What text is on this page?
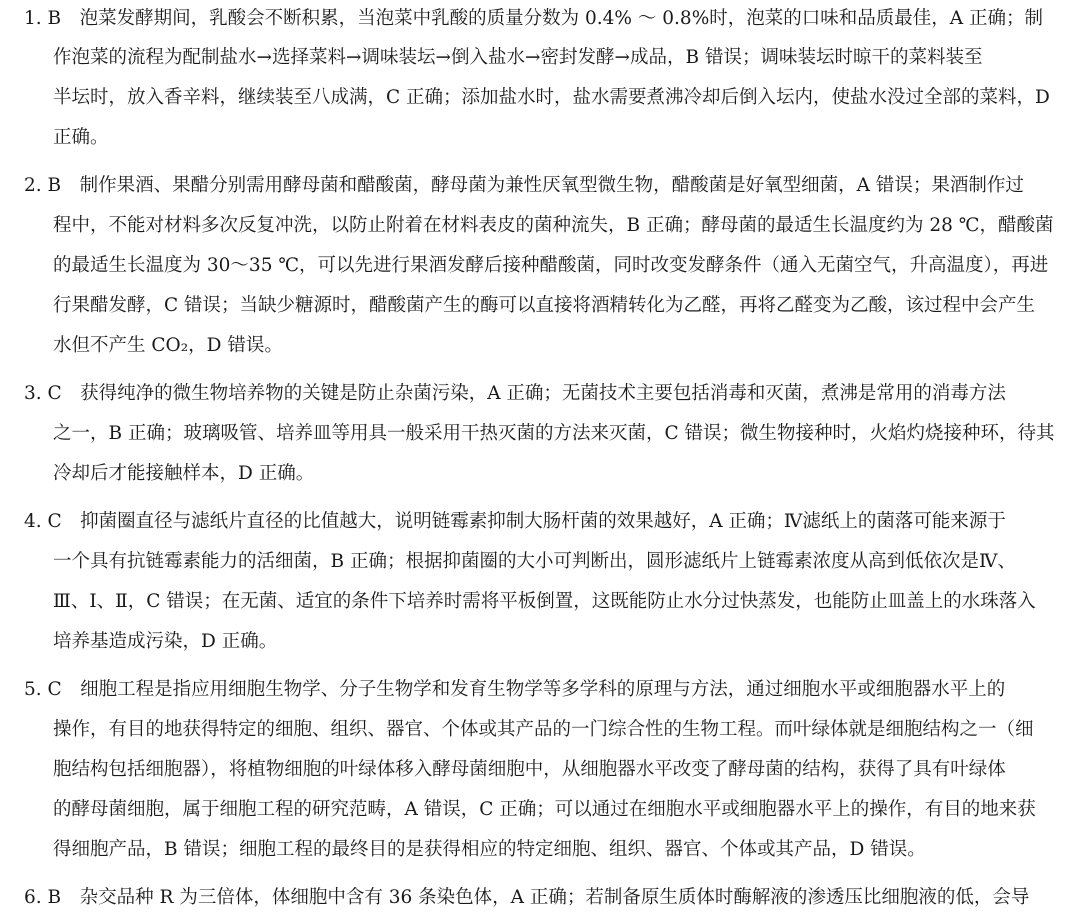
1. B　泡菜发酵期间，乳酸会不断积累，当泡菜中乳酸的质量分数为 0.4% ～ 0.8%时，泡菜的口味和品质最佳，A 正确；制
作泡菜的流程为配制盐水→选择菜料→调味装坛→倒入盐水→密封发酵→成品，B 错误；调味装坛时晾干的菜料装至
半坛时，放入香辛料，继续装至八成满，C 正确；添加盐水时，盐水需要煮沸冷却后倒入坛内，使盐水没过全部的菜料，D
正确。
2. B　制作果酒、果醋分别需用酵母菌和醋酸菌，酵母菌为兼性厌氧型微生物，醋酸菌是好氧型细菌，A 错误；果酒制作过
程中，不能对材料多次反复冲洗，以防止附着在材料表皮的菌种流失，B 正确；酵母菌的最适生长温度约为 28 ℃，醋酸菌
的最适生长温度为 30～35 ℃，可以先进行果酒发酵后接种醋酸菌，同时改变发酵条件（通入无菌空气，升高温度），再进
行果醋发酵，C 错误；当缺少糖源时，醋酸菌产生的酶可以直接将酒精转化为乙醛，再将乙醛变为乙酸，该过程中会产生
水但不产生 CO₂，D 错误。
3. C　获得纯净的微生物培养物的关键是防止杂菌污染，A 正确；无菌技术主要包括消毒和灭菌，煮沸是常用的消毒方法
之一，B 正确；玻璃吸管、培养皿等用具一般采用干热灭菌的方法来灭菌，C 错误；微生物接种时，火焰灼烧接种环，待其
冷却后才能接触样本，D 正确。
4. C　抑菌圈直径与滤纸片直径的比值越大，说明链霉素抑制大肠杆菌的效果越好，A 正确；Ⅳ滤纸上的菌落可能来源于
一个具有抗链霉素能力的活细菌，B 正确；根据抑菌圈的大小可判断出，圆形滤纸片上链霉素浓度从高到低依次是Ⅳ、
Ⅲ、Ⅰ、Ⅱ，C 错误；在无菌、适宜的条件下培养时需将平板倒置，这既能防止水分过快蒸发，也能防止皿盖上的水珠落入
培养基造成污染，D 正确。
5. C　细胞工程是指应用细胞生物学、分子生物学和发育生物学等多学科的原理与方法，通过细胞水平或细胞器水平上的
操作，有目的地获得特定的细胞、组织、器官、个体或其产品的一门综合性的生物工程。而叶绿体就是细胞结构之一（细
胞结构包括细胞器），将植物细胞的叶绿体移入酵母菌细胞中，从细胞器水平改变了酵母菌的结构，获得了具有叶绿体
的酵母菌细胞，属于细胞工程的研究范畴，A 错误，C 正确；可以通过在细胞水平或细胞器水平上的操作，有目的地来获
得细胞产品，B 错误；细胞工程的最终目的是获得相应的特定细胞、组织、器官、个体或其产品，D 错误。
6. B　杂交品种 R 为三倍体，体细胞中含有 36 条染色体，A 正确；若制备原生质体时酶解液的渗透压比细胞液的低，会导
